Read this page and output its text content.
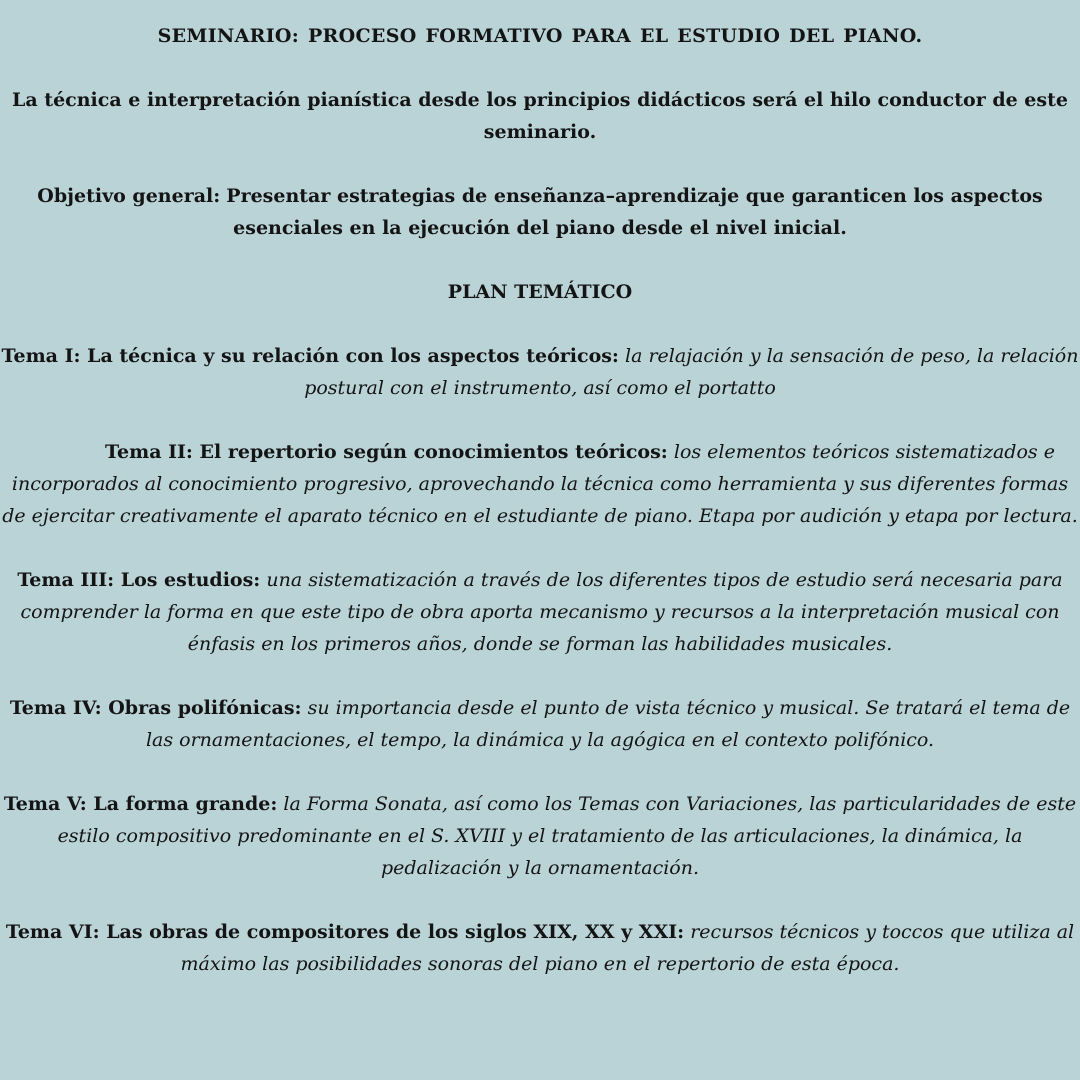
SEMINARIO: PROCESO FORMATIVO PARA EL ESTUDIO DEL PIANO.

La técnica e interpretación pianística desde los principios didácticos será el hilo conductor de este seminario.

Objetivo general: Presentar estrategias de enseñanza–aprendizaje que garanticen los aspectos esenciales en la ejecución del piano desde el nivel inicial.

PLAN TEMÁTICO

Tema I: La técnica y su relación con los aspectos teóricos: la relajación y la sensación de peso, la relación postural con el instrumento, así como el portatto

Tema II: El repertorio según conocimientos teóricos: los elementos teóricos sistematizados e incorporados al conocimiento progresivo, aprovechando la técnica como herramienta y sus diferentes formas de ejercitar creativamente el aparato técnico en el estudiante de piano. Etapa por audición y etapa por lectura.

Tema III: Los estudios: una sistematización a través de los diferentes tipos de estudio será necesaria para comprender la forma en que este tipo de obra aporta mecanismo y recursos a la interpretación musical con énfasis en los primeros años, donde se forman las habilidades musicales.

Tema IV: Obras polifónicas: su importancia desde el punto de vista técnico y musical. Se tratará el tema de las ornamentaciones, el tempo, la dinámica y la agógica en el contexto polifónico.

Tema V: La forma grande: la Forma Sonata, así como los Temas con Variaciones, las particularidades de este estilo compositivo predominante en el S. XVIII y el tratamiento de las articulaciones, la dinámica, la pedalización y la ornamentación.

Tema VI: Las obras de compositores de los siglos XIX, XX y XXI: recursos técnicos y toccos que utiliza al máximo las posibilidades sonoras del piano en el repertorio de esta época.
